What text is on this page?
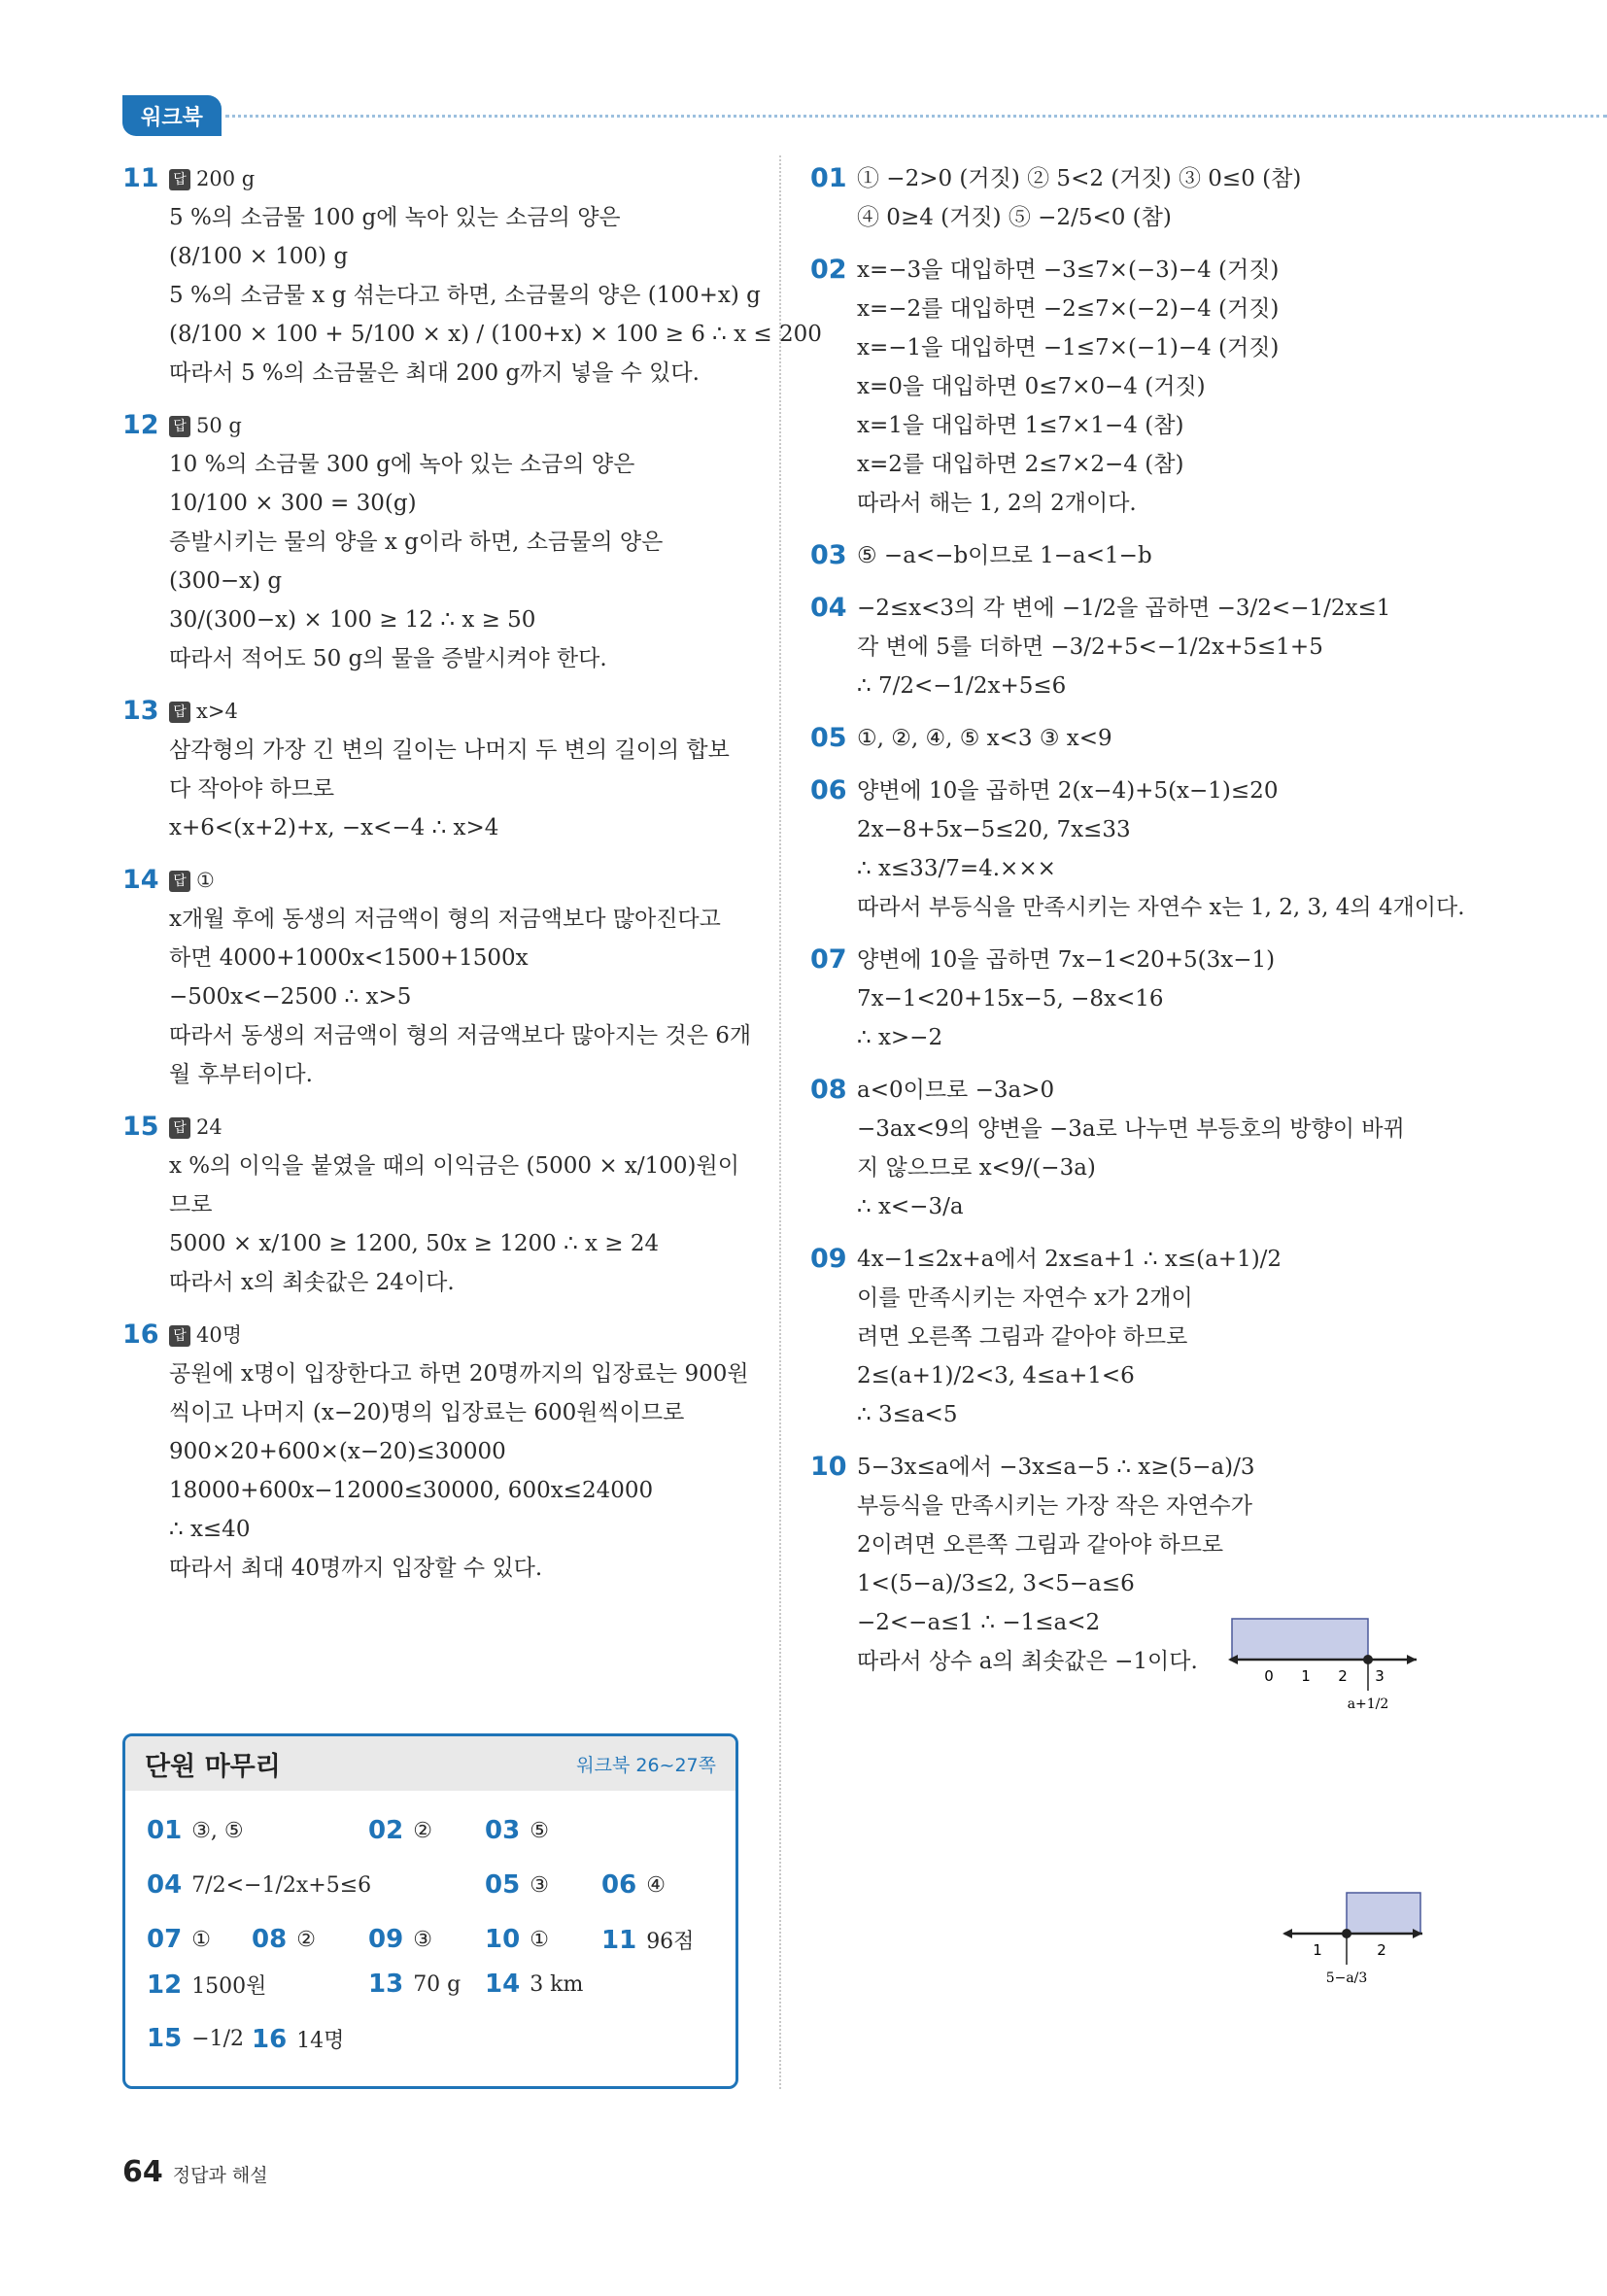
워크북
11	답 200 g
5 %의 소금물 100 g에 녹아 있는 소금의 양은
(8/100 × 100) g
5 %의 소금물 x g 섞는다고 하면, 소금물의 양은 (100+x) g
(8/100 × 100 + 5/100 × x) / (100+x) × 100 ≥ 6 ∴ x ≤ 200
따라서 5 %의 소금물은 최대 200 g까지 넣을 수 있다.
12	답 50 g
10 %의 소금물 300 g에 녹아 있는 소금의 양은
10/100 × 300 = 30(g)
증발시키는 물의 양을 x g이라 하면, 소금물의 양은
(300−x) g
30/(300−x) × 100 ≥ 12 ∴ x ≥ 50
따라서 적어도 50 g의 물을 증발시켜야 한다.
13	답 x>4
삼각형의 가장 긴 변의 길이는 나머지 두 변의 길이의 합보
다 작아야 하므로
x+6<(x+2)+x, −x<−4 ∴ x>4
14	답 ①
x개월 후에 동생의 저금액이 형의 저금액보다 많아진다고
하면 4000+1000x<1500+1500x
−500x<−2500 ∴ x>5
따라서 동생의 저금액이 형의 저금액보다 많아지는 것은 6개
월 후부터이다.
15	답 24
x %의 이익을 붙였을 때의 이익금은 (5000 × x/100)원이
므로
5000 × x/100 ≥ 1200, 50x ≥ 1200 ∴ x ≥ 24
따라서 x의 최솟값은 24이다.
16	답 40명
공원에 x명이 입장한다고 하면 20명까지의 입장료는 900원
씩이고 나머지 (x−20)명의 입장료는 600원씩이므로
900×20+600×(x−20)≤30000
18000+600x−12000≤30000, 600x≤24000
∴ x≤40
따라서 최대 40명까지 입장할 수 있다.
01 ① −2>0 (거짓) ② 5<2 (거짓) ③ 0≤0 (참)
④ 0≥4 (거짓) ⑤ −2/5<0 (참)
02 x=−3을 대입하면 −3≤7×(−3)−4 (거짓)
x=−2를 대입하면 −2≤7×(−2)−4 (거짓)
x=−1을 대입하면 −1≤7×(−1)−4 (거짓)
x=0을 대입하면 0≤7×0−4 (거짓)
x=1을 대입하면 1≤7×1−4 (참)
x=2를 대입하면 2≤7×2−4 (참)
따라서 해는 1, 2의 2개이다.
03 ⑤ −a<−b이므로 1−a<1−b
04 −2≤x<3의 각 변에 −1/2을 곱하면 −3/2<−1/2x≤1
각 변에 5를 더하면 −3/2+5<−1/2x+5≤1+5
∴ 7/2<−1/2x+5≤6
05 ①, ②, ④, ⑤ x<3 ③ x<9
06 양변에 10을 곱하면 2(x−4)+5(x−1)≤20
2x−8+5x−5≤20, 7x≤33
∴ x≤33/7=4.×××
따라서 부등식을 만족시키는 자연수 x는 1, 2, 3, 4의 4개이다.
07 양변에 10을 곱하면 7x−1<20+5(3x−1)
7x−1<20+15x−5, −8x<16
∴ x>−2
08 a<0이므로 −3a>0
−3ax<9의 양변을 −3a로 나누면 부등호의 방향이 바뀌
지 않으므로 x<9/(−3a)
∴ x<−3/a
09 4x−1≤2x+a에서 2x≤a+1 ∴ x≤(a+1)/2
이를 만족시키는 자연수 x가 2개이
려면 오른쪽 그림과 같아야 하므로
2≤(a+1)/2<3, 4≤a+1<6
∴ 3≤a<5
10 5−3x≤a에서 −3x≤a−5 ∴ x≥(5−a)/3
부등식을 만족시키는 가장 작은 자연수가
2이려면 오른쪽 그림과 같아야 하므로
1<(5−a)/3≤2, 3<5−a≤6
−2<−a≤1 ∴ −1≤a<2
따라서 상수 a의 최솟값은 −1이다.
0 1 2 3
a+1/2
1	2
5−a/3
단원 마무리	워크북 26~27쪽
01 ③, ⑤	02 ② 03 ⑤
04 7/2<−1/2x+5≤6	05 ③ 06 ④
07 ① 08 ② 09 ③ 10 ① 11 96점
12 1500원	13 70 g 14 3 km
15 −1/2 16 14명
64 정답과 해설
